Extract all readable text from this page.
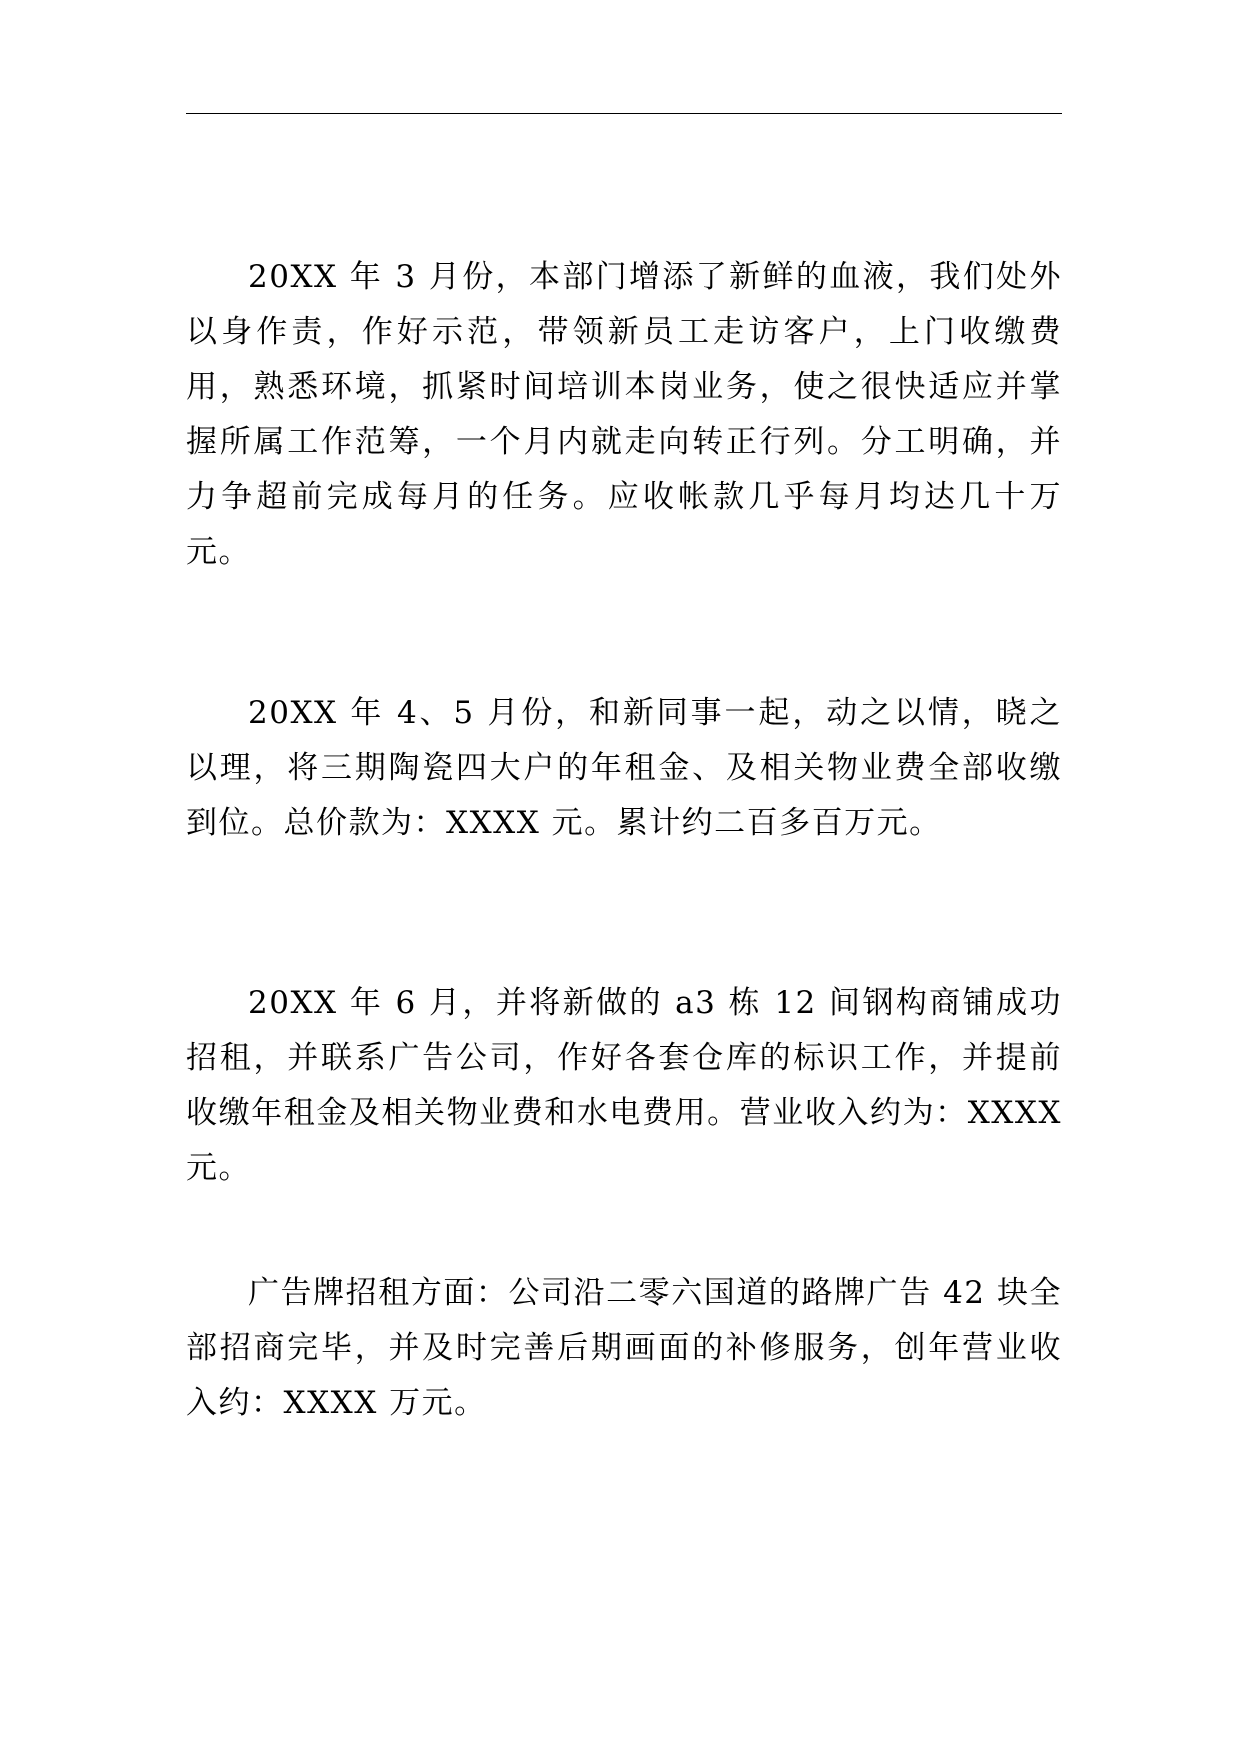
20XX 年 3 月份，本部门增添了新鲜的血液，我们处外以身作责，作好示范，带领新员工走访客户，上门收缴费用，熟悉环境，抓紧时间培训本岗业务，使之很快适应并掌握所属工作范筹，一个月内就走向转正行列。分工明确，并力争超前完成每月的任务。应收帐款几乎每月均达几十万元。

20XX 年 4、5 月份，和新同事一起，动之以情，晓之以理，将三期陶瓷四大户的年租金、及相关物业费全部收缴到位。总价款为：XXXX 元。累计约二百多百万元。

20XX 年 6 月，并将新做的 a3 栋 12 间钢构商铺成功招租，并联系广告公司，作好各套仓库的标识工作，并提前收缴年租金及相关物业费和水电费用。营业收入约为：XXXX 元。

广告牌招租方面：公司沿二零六国道的路牌广告 42 块全部招商完毕，并及时完善后期画面的补修服务，创年营业收入约：XXXX 万元。
